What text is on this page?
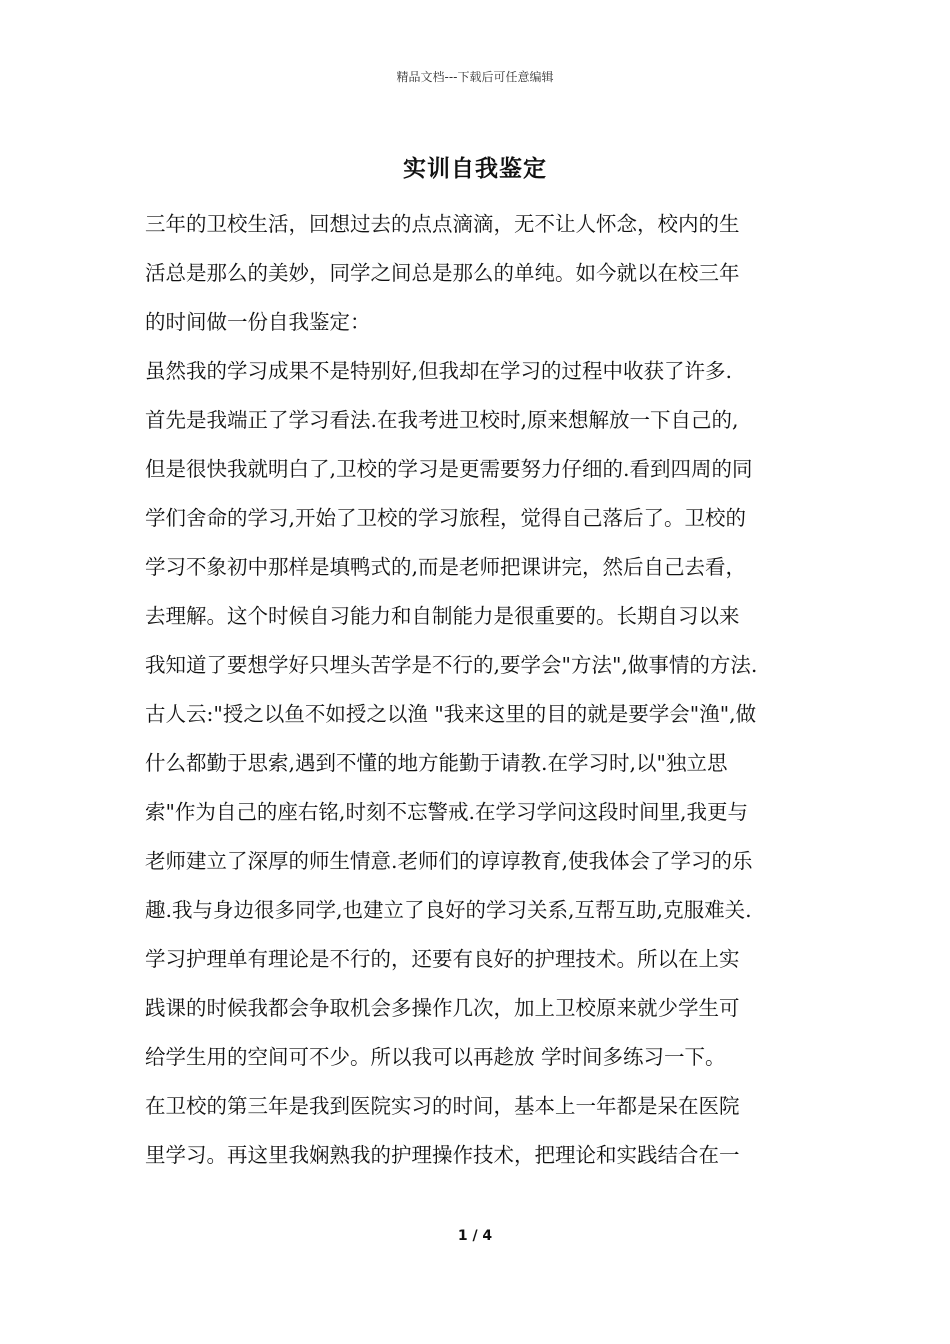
精品文档---下载后可任意编辑
实训自我鉴定
三年的卫校生活，回想过去的点点滴滴，无不让人怀念，校内的生
活总是那么的美妙，同学之间总是那么的单纯。如今就以在校三年
的时间做一份自我鉴定：
虽然我的学习成果不是特别好,但我却在学习的过程中收获了许多.
首先是我端正了学习看法.在我考进卫校时,原来想解放一下自己的,
但是很快我就明白了,卫校的学习是更需要努力仔细的.看到四周的同
学们舍命的学习,开始了卫校的学习旅程，觉得自己落后了。卫校的
学习不象初中那样是填鸭式的,而是老师把课讲完，然后自己去看，
去理解。这个时候自习能力和自制能力是很重要的。长期自习以来
我知道了要想学好只埋头苦学是不行的,要学会"方法",做事情的方法.
古人云:"授之以鱼不如授之以渔 "我来这里的目的就是要学会"渔",做
什么都勤于思索,遇到不懂的地方能勤于请教.在学习时,以"独立思
索"作为自己的座右铭,时刻不忘警戒.在学习学问这段时间里,我更与
老师建立了深厚的师生情意.老师们的谆谆教育,使我体会了学习的乐
趣.我与身边很多同学,也建立了良好的学习关系,互帮互助,克服难关.
学习护理单有理论是不行的，还要有良好的护理技术。所以在上实
践课的时候我都会争取机会多操作几次，加上卫校原来就少学生可
给学生用的空间可不少。所以我可以再趁放 学时间多练习一下。
在卫校的第三年是我到医院实习的时间，基本上一年都是呆在医院
里学习。再这里我娴熟我的护理操作技术，把理论和实践结合在一
1 / 4
